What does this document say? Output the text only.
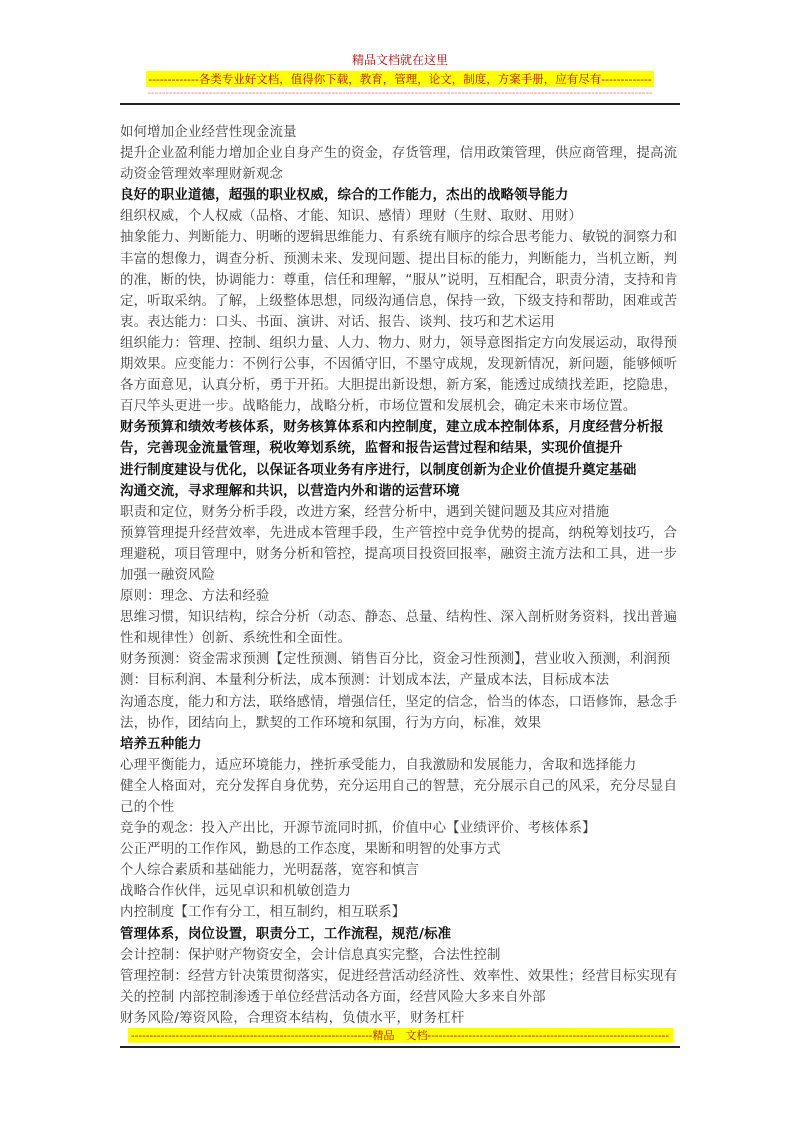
精品文档就在这里
-------------各类专业好文档，值得你下载，教育，管理，论文，制度，方案手册，应有尽有-------------
--------------------------------------------------------------------------------------------------------------------------------------------

如何增加企业经营性现金流量

提升企业盈利能力增加企业自身产生的资金，存货管理，信用政策管理，供应商管理，提高流动资金管理效率理财新观念

良好的职业道德，超强的职业权威，综合的工作能力，杰出的战略领导能力

组织权威，个人权威（品格、才能、知识、感情）理财（生财、取财、用财）

抽象能力、判断能力、明晰的逻辑思维能力、有系统有顺序的综合思考能力、敏锐的洞察力和丰富的想像力，调查分析、预测未来、发现问题、提出目标的能力，判断能力，当机立断，判的准，断的快，协调能力：尊重，信任和理解，“服从”说明，互相配合，职责分清，支持和肯定，听取采纳。了解，上级整体思想，同级沟通信息，保持一致，下级支持和帮助，困难或苦衷。表达能力：口头、书面、演讲、对话、报告、谈判、技巧和艺术运用

组织能力：管理、控制、组织力量、人力、物力、财力，领导意图指定方向发展运动，取得预期效果。应变能力：不例行公事，不因循守旧，不墨守成规，发现新情况，新问题，能够倾听各方面意见，认真分析，勇于开拓。大胆提出新设想，新方案，能透过成绩找差距，挖隐患，百尺竿头更进一步。战略能力，战略分析，市场位置和发展机会，确定未来市场位置。

财务预算和绩效考核体系，财务核算体系和内控制度，建立成本控制体系，月度经营分析报告，完善现金流量管理，税收筹划系统，监督和报告运营过程和结果，实现价值提升

进行制度建设与优化，以保证各项业务有序进行，以制度创新为企业价值提升奠定基础

沟通交流，寻求理解和共识，以营造内外和谐的运营环境

职责和定位，财务分析手段，改进方案，经营分析中，遇到关键问题及其应对措施

预算管理提升经营效率，先进成本管理手段，生产管控中竞争优势的提高，纳税筹划技巧，合理避税，项目管理中，财务分析和管控，提高项目投资回报率，融资主流方法和工具，进一步加强一融资风险

原则：理念、方法和经验

思维习惯，知识结构，综合分析（动态、静态、总量、结构性、深入剖析财务资料，找出普遍性和规律性）创新、系统性和全面性。

财务预测：资金需求预测【定性预测、销售百分比，资金习性预测】，营业收入预测，利润预测：目标利润、本量利分析法，成本预测：计划成本法，产量成本法，目标成本法

沟通态度，能力和方法，联络感情，增强信任，坚定的信念，恰当的体态，口语修饰，悬念手法，协作，团结向上，默契的工作环境和氛围，行为方向，标准，效果

培养五种能力

心理平衡能力，适应环境能力，挫折承受能力，自我激励和发展能力，舍取和选择能力

健全人格面对，充分发挥自身优势，充分运用自己的智慧，充分展示自己的风采，充分尽显自己的个性

竞争的观念：投入产出比，开源节流同时抓，价值中心【业绩评价、考核体系】

公正严明的工作作风，勤恳的工作态度，果断和明智的处事方式

个人综合素质和基础能力，光明磊落，宽容和慎言

战略合作伙伴，远见卓识和机敏创造力

内控制度【工作有分工，相互制约，相互联系】

管理体系，岗位设置，职责分工，工作流程，规范/标准

会计控制：保护财产物资安全，会计信息真实完整，合法性控制

管理控制：经营方针决策贯彻落实，促进经营活动经济性、效率性、效果性；经营目标实现有关的控制 内部控制渗透于单位经营活动各方面，经营风险大多来自外部

财务风险/筹资风险，合理资本结构，负债水平，财务杠杆

-----------------------------------------------------------------精品　文档-----------------------------------------------------------------
